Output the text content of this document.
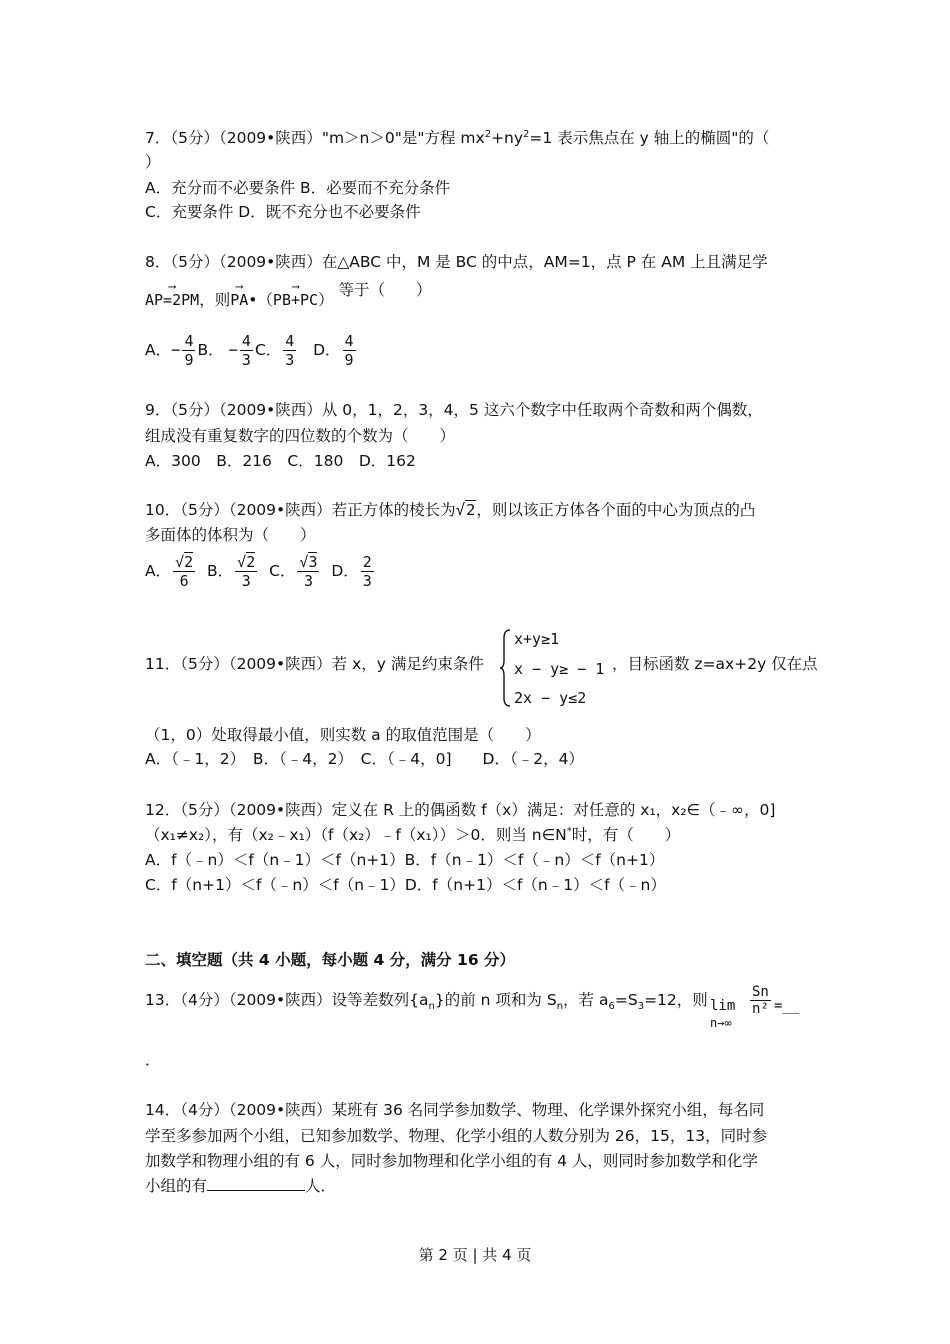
7．（5分）（2009•陕西）"m＞n＞0"是"方程 $mx^2+ny^2=1$ 表示焦点在 y 轴上的椭圆"的（
）
A．充分而不必要条件 B．必要而不充分条件
C．充要条件 D．既不充分也不必要条件
8．（5分）（2009•陕西）在△ABC 中，M 是 BC 的中点，AM=1，点 P 在 AM 上且满足学
⟶ AP=2PM，则⟶ PA•（⟶ PB+PC） 等于（　　）
A．− $\frac{4}{9}$ B． − $\frac{4}{3}$ C． $\frac{4}{3}$ D． $\frac{4}{9}$
9．（5分）（2009•陕西）从 0，1，2，3，4，5 这六个数字中任取两个奇数和两个偶数，
组成没有重复数字的四位数的个数为（　　）
A．300　B．216　C．180　D．162
10．（5分）（2009•陕西）若正方体的棱长为√2，则以该正方体各个面的中心为顶点的凸
多面体的体积为（　　）
A． $\frac{√2}{6}$ B． $\frac{√2}{3}$ C． $\frac{√3}{3}$ D． $\frac{2}{3}$
11．（5分）（2009•陕西）若 x，y 满足约束条件
x+y≥1
x − y≥ − 1
2x − y≤2
，目标函数 z=ax+2y 仅在点
（1，0）处取得最小值，则实数 a 的取值范围是（　　）
A．（﹣1，2）　B．（﹣4，2）　C．（﹣4，0]　　D．（﹣2，4）
12．（5分）（2009•陕西）定义在 R 上的偶函数 f（x）满足：对任意的 x₁，x₂∈（﹣∞，0]
（x₁≠x₂），有（x₂﹣x₁）（f（x₂）﹣f（x₁））＞0．则当 n∈N*时，有（　　）
A．f（﹣n）＜f（n﹣1）＜f（n+1）B．f（n﹣1）＜f（﹣n）＜f（n+1）
C．f（n+1）＜f（﹣n）＜f（n﹣1）D．f（n+1）＜f（n﹣1）＜f（﹣n）
二、填空题（共 4 小题，每小题 4 分，满分 16 分）
13．（4分）（2009•陕西）设等差数列$\{a_n\}$的前 n 项和为 $S_n$，若 $a_6=S_3=12$，则 lim
n→∞
$\frac{Sn}{\text{n²}}$ =__
．
14．（4分）（2009•陕西）某班有 36 名同学参加数学、物理、化学课外探究小组，每名同
学至多参加两个小组，已知参加数学、物理、化学小组的人数分别为 26，15，13，同时参
加数学和物理小组的有 6 人，同时参加物理和化学小组的有 4 人，则同时参加数学和化学
小组的有	人．
第 2 页 | 共 4 页
